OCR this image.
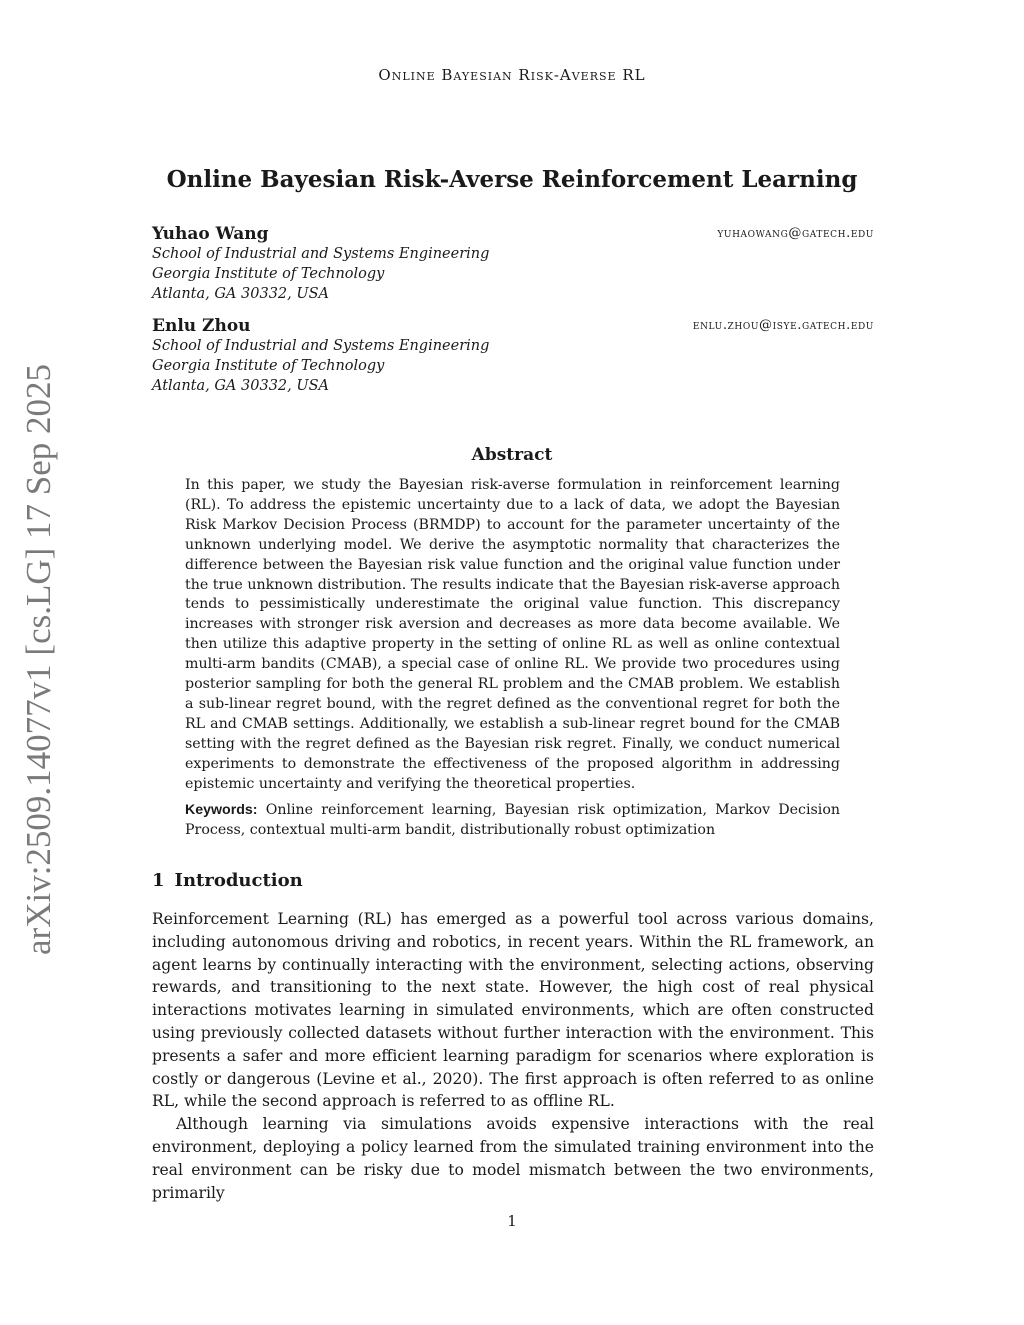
Online Bayesian Risk-Averse RL
arXiv:2509.14077v1 [cs.LG] 17 Sep 2025
Online Bayesian Risk-Averse Reinforcement Learning
Yuhao Wang	yuhaowang@gatech.edu
School of Industrial and Systems Engineering
Georgia Institute of Technology
Atlanta, GA 30332, USA
Enlu Zhou	enlu.zhou@isye.gatech.edu
School of Industrial and Systems Engineering
Georgia Institute of Technology
Atlanta, GA 30332, USA
Abstract
In this paper, we study the Bayesian risk-averse formulation in reinforcement learning (RL). To address the epistemic uncertainty due to a lack of data, we adopt the Bayesian Risk Markov Decision Process (BRMDP) to account for the parameter uncertainty of the unknown underlying model. We derive the asymptotic normality that characterizes the difference between the Bayesian risk value function and the original value function under the true unknown distribution. The results indicate that the Bayesian risk-averse approach tends to pessimistically underestimate the original value function. This discrepancy increases with stronger risk aversion and decreases as more data become available. We then utilize this adaptive property in the setting of online RL as well as online contextual multi-arm bandits (CMAB), a special case of online RL. We provide two procedures using posterior sampling for both the general RL problem and the CMAB problem. We establish a sub-linear regret bound, with the regret defined as the conventional regret for both the RL and CMAB settings. Additionally, we establish a sub-linear regret bound for the CMAB setting with the regret defined as the Bayesian risk regret. Finally, we conduct numerical experiments to demonstrate the effectiveness of the proposed algorithm in addressing epistemic uncertainty and verifying the theoretical properties.
Keywords: Online reinforcement learning, Bayesian risk optimization, Markov Decision Process, contextual multi-arm bandit, distributionally robust optimization
1 Introduction

Reinforcement Learning (RL) has emerged as a powerful tool across various domains, including autonomous driving and robotics, in recent years. Within the RL framework, an agent learns by continually interacting with the environment, selecting actions, observing rewards, and transitioning to the next state. However, the high cost of real physical interactions motivates learning in simulated environments, which are often constructed using previously collected datasets without further interaction with the environment. This presents a safer and more efficient learning paradigm for scenarios where exploration is costly or dangerous (Levine et al., 2020). The first approach is often referred to as online RL, while the second approach is referred to as offline RL.

Although learning via simulations avoids expensive interactions with the real environment, deploying a policy learned from the simulated training environment into the real environment can be risky due to model mismatch between the two environments, primarily

1
